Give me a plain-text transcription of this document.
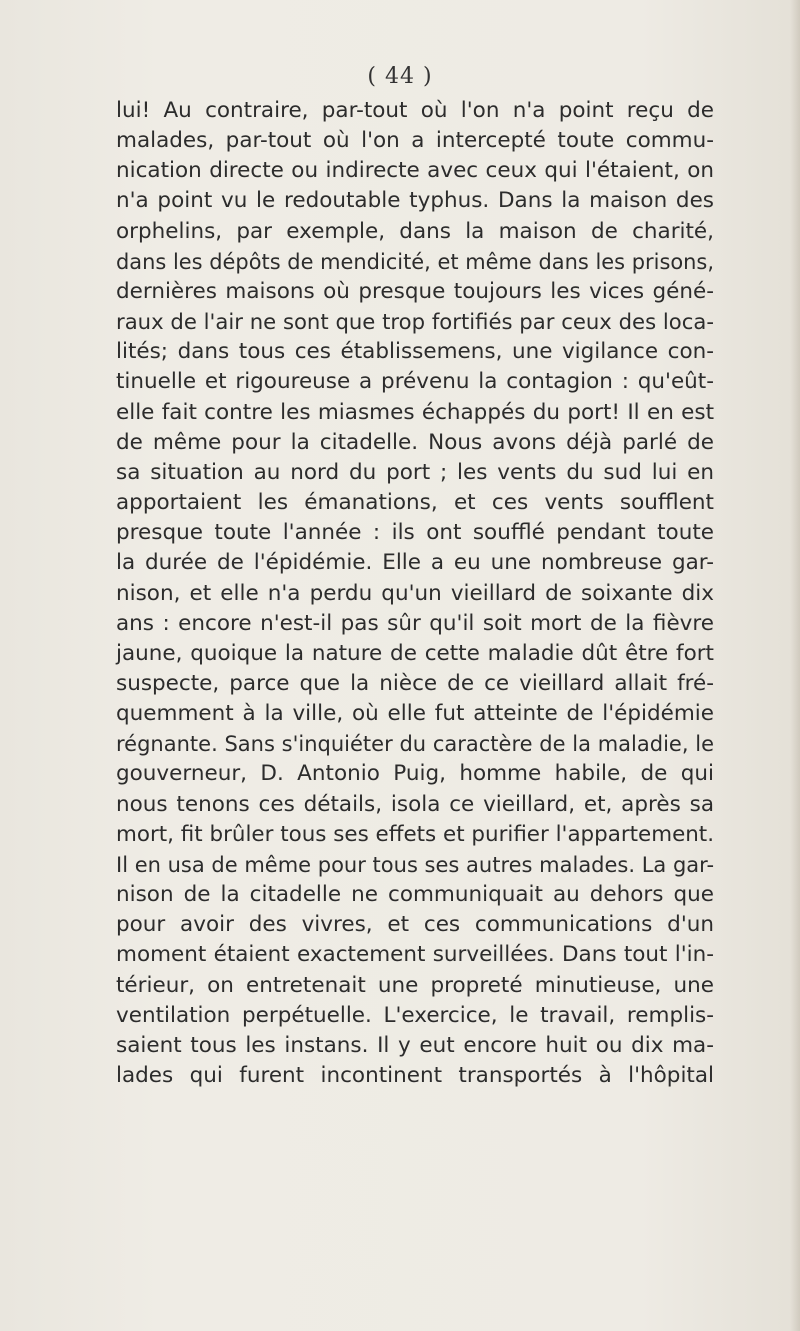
( 44 )
lui! Au contraire, par-tout où l'on n'a point reçu de
malades, par-tout où l'on a intercepté toute commu-
nication directe ou indirecte avec ceux qui l'étaient, on
n'a point vu le redoutable typhus. Dans la maison des
orphelins, par exemple, dans la maison de charité,
dans les dépôts de mendicité, et même dans les prisons,
dernières maisons où presque toujours les vices géné-
raux de l'air ne sont que trop fortifiés par ceux des loca-
lités; dans tous ces établissemens, une vigilance con-
tinuelle et rigoureuse a prévenu la contagion : qu'eût-
elle fait contre les miasmes échappés du port! Il en est
de même pour la citadelle. Nous avons déjà parlé de
sa situation au nord du port ; les vents du sud lui en
apportaient les émanations, et ces vents soufflent
presque toute l'année : ils ont soufflé pendant toute
la durée de l'épidémie. Elle a eu une nombreuse gar-
nison, et elle n'a perdu qu'un vieillard de soixante dix
ans : encore n'est-il pas sûr qu'il soit mort de la fièvre
jaune, quoique la nature de cette maladie dût être fort
suspecte, parce que la nièce de ce vieillard allait fré-
quemment à la ville, où elle fut atteinte de l'épidémie
régnante. Sans s'inquiéter du caractère de la maladie, le
gouverneur, D. Antonio Puig, homme habile, de qui
nous tenons ces détails, isola ce vieillard, et, après sa
mort, fit brûler tous ses effets et purifier l'appartement.
Il en usa de même pour tous ses autres malades. La gar-
nison de la citadelle ne communiquait au dehors que
pour avoir des vivres, et ces communications d'un
moment étaient exactement surveillées. Dans tout l'in-
térieur, on entretenait une propreté minutieuse, une
ventilation perpétuelle. L'exercice, le travail, remplis-
saient tous les instans. Il y eut encore huit ou dix ma-
lades qui furent incontinent transportés à l'hôpital
